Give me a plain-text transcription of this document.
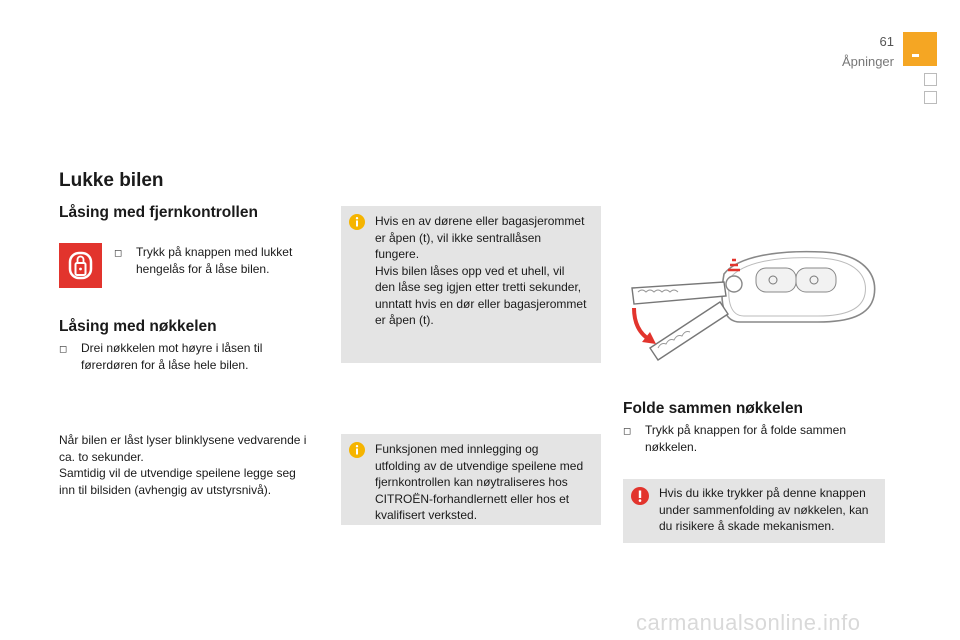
61
Åpninger
Lukke bilen
Låsing med fjernkontrollen
◻	Trykk på knappen med lukket hengelås for å låse bilen.
Låsing med nøkkelen
◻	Drei nøkkelen mot høyre i låsen til førerdøren for å låse hele bilen.
Når bilen er låst lyser blinklysene vedvarende i
ca. to sekunder.
Samtidig vil de utvendige speilene legge seg
inn til bilsiden (avhengig av utstyrsnivå).
Hvis en av dørene eller bagasjerommet
er åpen (t), vil ikke sentrallåsen
fungere.
Hvis bilen låses opp ved et uhell, vil
den låse seg igjen etter tretti sekunder,
unntatt hvis en dør eller bagasjerommet
er åpen (t).
Funksjonen med innlegging og
utfolding av de utvendige speilene med
fjernkontrollen kan nøytraliseres hos
CITROËN-forhandlernett eller hos et
kvalifisert verksted.
Folde sammen nøkkelen
◻	Trykk på knappen for å folde sammen nøkkelen.
Hvis du ikke trykker på denne knappen
under sammenfolding av nøkkelen, kan
du risikere å skade mekanismen.
carmanualsonline.info
